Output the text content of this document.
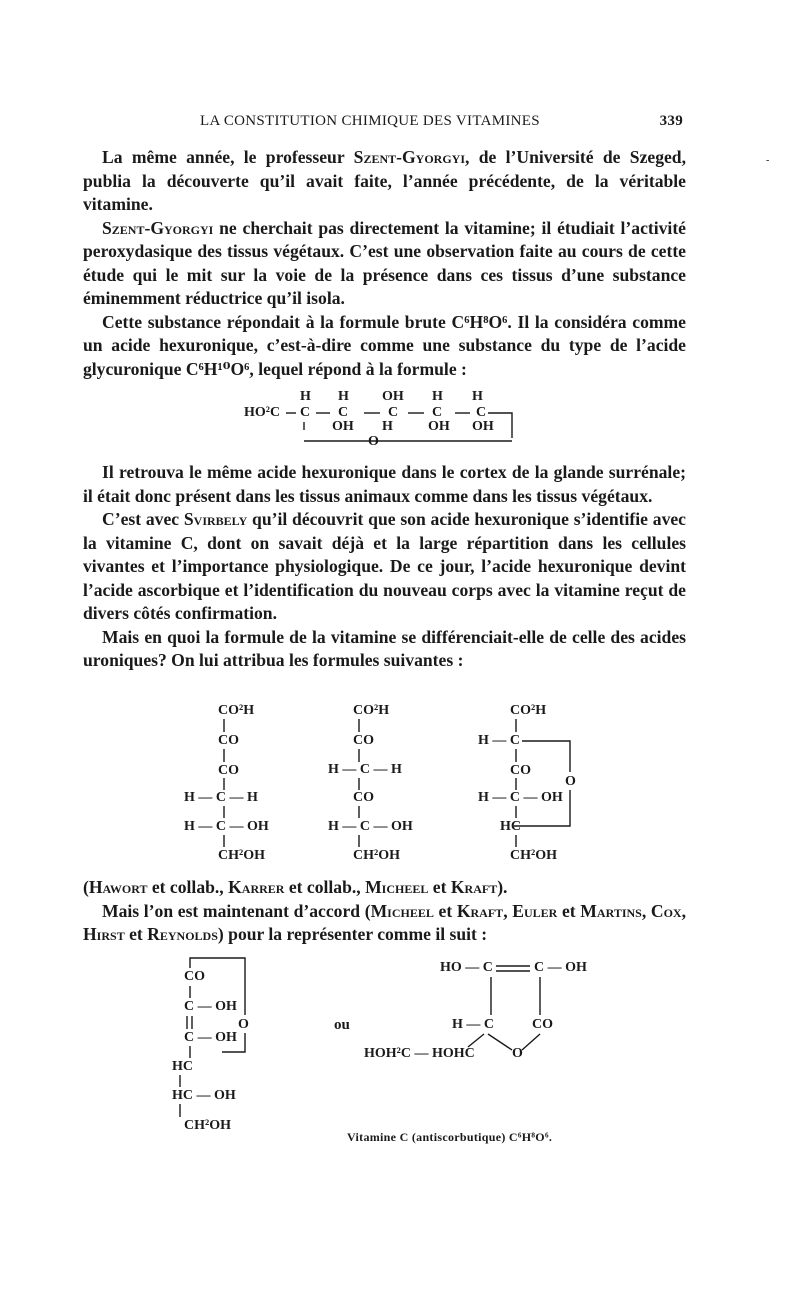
LA CONSTITUTION CHIMIQUE DES VITAMINES	339
-

La même année, le professeur Szent-Gyorgyi, de l’Université de Szeged, publia la découverte qu’il avait faite, l’année précédente, de la véritable vitamine.

Szent-Gyorgyi ne cherchait pas directement la vitamine; il étudiait l’activité peroxydasique des tissus végétaux. C’est une observation faite au cours de cette étude qui le mit sur la voie de la présence dans ces tissus d’une substance éminemment réductrice qu’il isola.

Cette substance répondait à la formule brute C⁶H⁸O⁶. Il la considéra comme un acide hexuronique, c’est-à-dire comme une substance du type de l’acide glycuronique C⁶H¹⁰O⁶, lequel répond à la formule :

H H OH H H
HO²C C C	C C C
OH H	OH OH
O

Il retrouva le même acide hexuronique dans le cortex de la glande surrénale; il était donc présent dans les tissus animaux comme dans les tissus végétaux.

C’est avec Svirbely qu’il découvrit que son acide hexuronique s’identifie avec la vitamine C, dont on savait déjà et la large répartition dans les cellules vivantes et l’importance physiologique. De ce jour, l’acide hexuronique devint l’acide ascorbique et l’identification du nouveau corps avec la vitamine reçut de divers côtés confirmation.

Mais en quoi la formule de la vitamine se différenciait-elle de celle des acides uroniques? On lui attribua les formules suivantes :

CO²H
CO
CO
H — C — H
H — C — OH
CH²OH
CO²H
CO
H — C — H
CO
H — C — OH
CH²OH
CO²H
H — C
CO
H — C — OH
HC
CH²OH
O

(Hawort et collab., Karrer et collab., Micheel et Kraft).

Mais l’on est maintenant d’accord (Micheel et Kraft, Euler et Martins, Cox, Hirst et Reynolds) pour la représenter comme il suit :

CO
C — OH
C — OH
HC
HC — OH
CH²OH
O	ou
HO — C	C — OH
H — C	CO
HOH²C — HOHC	O
Vitamine C (antiscorbutique) C⁶H⁸O⁶.
